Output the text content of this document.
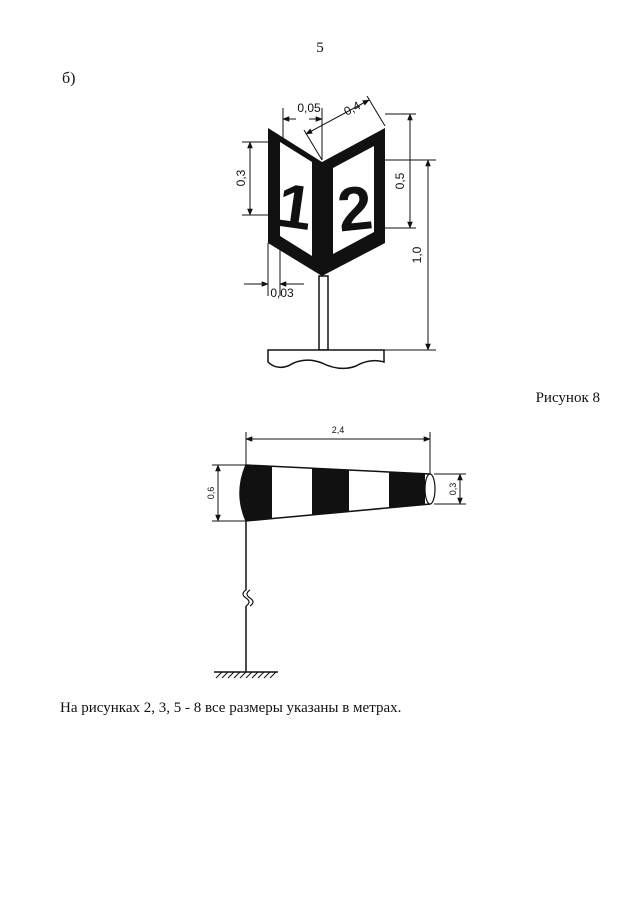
5
б)
1 2
0,05 0,4
0,3	0,5
1,0
0,03
2,4
0,6	0,3
Рисунок 8
На рисунках 2, 3, 5 - 8 все размеры указаны в метрах.
